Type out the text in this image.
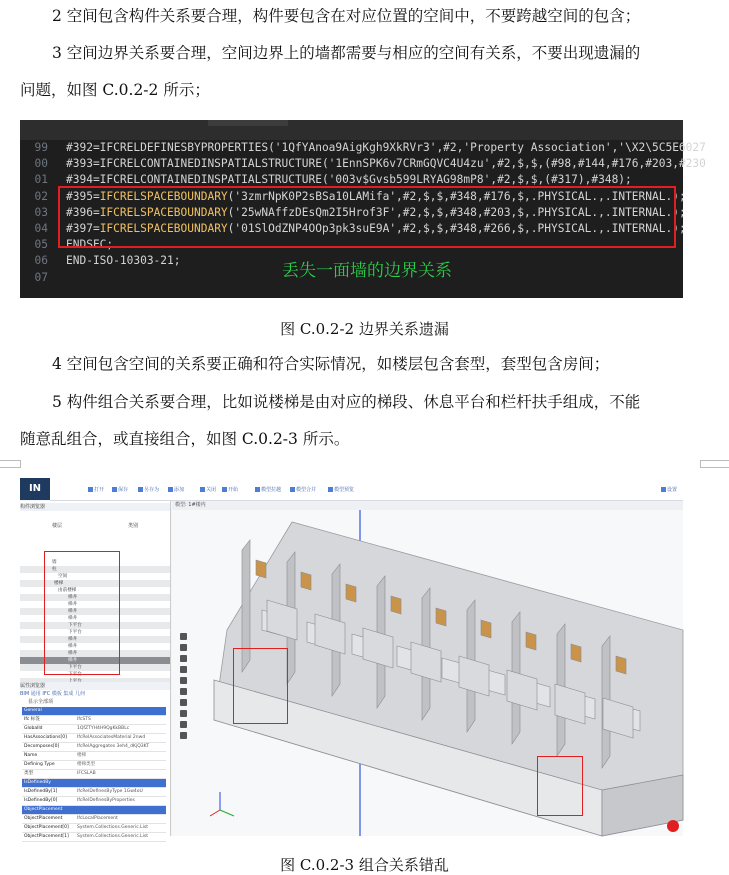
2 空间包含构件关系要合理，构件要包含在对应位置的空间中，不要跨越空间的包含；
3 空间边界关系要合理，空间边界上的墙都需要与相应的空间有关系，不要出现遗漏的
问题，如图 C.0.2-2 所示；
99 #392=IFCRELDEFINESBYPROPERTIES('1QfYAnoa9AigKgh9XkRVr3',#2,'Property Association','\X2\5C5E6027
00 #393=IFCRELCONTAINEDINSPATIALSTRUCTURE('1EnnSPK6v7CRmGQVC4U4zu',#2,$,$,(#98,#144,#176,#203,#230
01 #394=IFCRELCONTAINEDINSPATIALSTRUCTURE('003v$Gvsb599LRYAG98mP8',#2,$,$,(#317),#348);
02 #395=IFCRELSPACEBOUNDARY('3zmrNpK0P2sBSa10LAMifa',#2,$,$,#348,#176,$,.PHYSICAL.,.INTERNAL.);
03 #396=IFCRELSPACEBOUNDARY('25wNAffzDEsQm2I5Hrof3F',#2,$,$,#348,#203,$,.PHYSICAL.,.INTERNAL.);
04 #397=IFCRELSPACEBOUNDARY('01SlOdZNP4OOp3pk3suE9A',#2,$,$,#348,#266,$,.PHYSICAL.,.INTERNAL.);
05 ENDSEC;
06 END-ISO-10303-21;
07	丢失一面墙的边界关系
图 C.0.2-2 边界关系遗漏
4 空间包含空间的关系要正确和符合实际情况，如楼层包含套型，套型包含房间；
5 构件组合关系要合理，比如说楼梯是由对应的梯段、休息平台和栏杆扶手组成，不能
随意乱组合，或直接组合，如图 C.0.2-3 所示。
IN	打开	保存	另存为	添加	关闭	开始	模型拉越	模型合并	模型预览	设置
构件浏览器
楼层	类别
墙
柱
空间
楼梯
由前楼梯
梯井
梯井
梯井
梯井
下平台
下平台
梯井
梯井
梯井
梯井
下平台
下平台
属性浏览器
BIM 通用 IFC 模板 集成 几何
显示全部项
General
Ifc 标签	IfcSTS
GlobalId	1QfZTYH4H9QgKkBBLc
HasAssociations[0] IfcRelAssociatesMaterial 2nwd
Decomposes[0]	IfcRelAggregates 3eh4_dKjQ3KT
Name	楼梯
Defining Type	楼梯类型
类型	IFCSLAB
IsDefinedBy
IsDefinedBy[1]	IfcRelDefinesByType 1Gw4oU
IsDefinedBy[0]	IfcRelDefinesByProperties
ObjectPlacement
ObjectPlacement	IfcLocalPlacement
ObjectPlacement[0] System.Collections.Generic.List
ObjectPlacement[1] System.Collections.Generic.List
模型: 1#楼内
图 C.0.2-3 组合关系错乱
